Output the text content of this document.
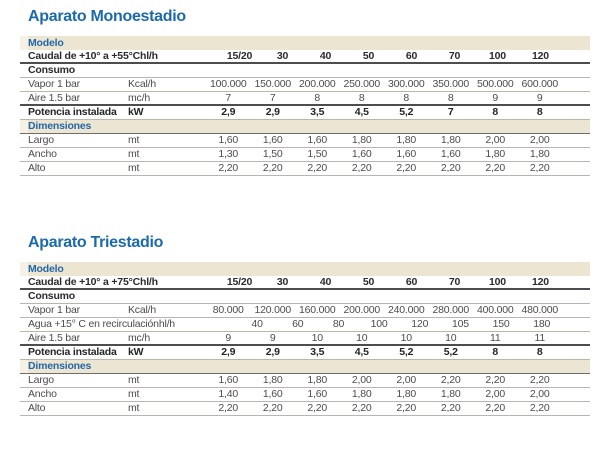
Aparato Monoestadio
Modelo
Caudal de +10° a +55°C hl/h	15/20	30	40	50	60	70	100	120
Consumo
Vapor 1 bar	Kcal/h	100.000 150.000 200.000 250.000 300.000 350.000 500.000 600.000
Aire 1.5 bar	mc/h	7	7	8	8	8	8	9	9
Potencia instalada	kW	2,9	2,9	3,5	4,5	5,2	7	8	8
Dimensiones
Largo	mt	1,60	1,60	1,60	1,80	1,80	1,80	2,00	2,00
Ancho	mt	1,30	1,50	1,50	1,60	1,60	1,60	1,80	1,80
Alto	mt	2,20	2,20	2,20	2,20	2,20	2,20	2,20	2,20
Aparato Triestadio
Modelo
Caudal de +10° a +75°C hl/h	15/20	30	40	50	60	70	100	120
Consumo
Vapor 1 bar	Kcal/h	80.000	120.000 160.000 200.000 240.000 280.000 400.000 480.000
Agua +15° C en recirculación hl/h	40	60	80	100	120	105	150	180
Aire 1.5 bar	mc/h	9	9	10	10	10	10	11	11
Potencia instalada	kW	2,9	2,9	3,5	4,5	5,2	5,2	8	8
Dimensiones
Largo	mt	1,60	1,80	1,80	2,00	2,00	2,20	2,20	2,20
Ancho	mt	1,40	1,60	1,60	1,80	1,80	1,80	2,00	2,00
Alto	mt	2,20	2,20	2,20	2,20	2,20	2,20	2,20	2,20
